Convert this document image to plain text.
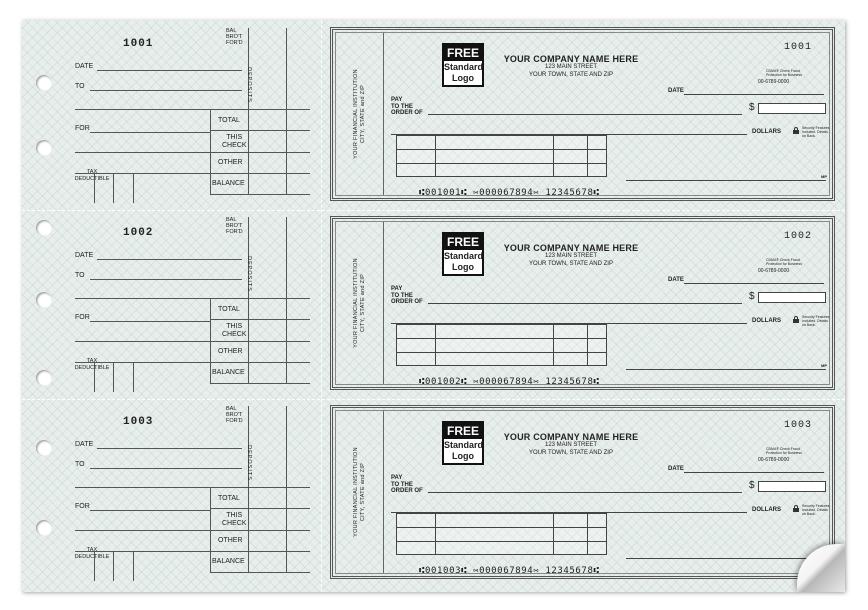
1001
BAL
BRO'T
FOR'D
DATE
TO
FOR
TOTAL
THIS
CHECK
OTHER
BALANCE
DEPOSITS
TAX
DEDUCTIBLE
YOUR FINANCIAL INSTITUTION CITY, STATE and ZIP
FREE
Standard
Logo
YOUR COMPANY NAME HERE
123 MAIN STREET
YOUR TOWN, STATE AND ZIP
1001
CDMA® Check Fraud
Protection for Business
00-6789-0000
DATE
PAY
TO THE
ORDER OF	$
DOLLARS
Security Features
Included. Details
on Back.
MP
⑆001001⑆ ⑅000067894⑅ 12345678⑆
1002
BAL
BRO'T
FOR'D
DATE
TO
FOR
TOTAL
THIS
CHECK
OTHER
BALANCE
DEPOSITS
TAX
DEDUCTIBLE
YOUR FINANCIAL INSTITUTION CITY, STATE and ZIP
FREE
Standard
Logo
YOUR COMPANY NAME HERE
123 MAIN STREET
YOUR TOWN, STATE AND ZIP
1002
CDMA® Check Fraud
Protection for Business
00-6789-0000
DATE
PAY
TO THE
ORDER OF	$
DOLLARS
Security Features
Included. Details
on Back.
MP
⑆001002⑆ ⑅000067894⑅ 12345678⑆
1003
BAL
BRO'T
FOR'D
DATE
TO
FOR
TOTAL
THIS
CHECK
OTHER
BALANCE
DEPOSITS
TAX
DEDUCTIBLE
YOUR FINANCIAL INSTITUTION CITY, STATE and ZIP
FREE
Standard
Logo
YOUR COMPANY NAME HERE
123 MAIN STREET
YOUR TOWN, STATE AND ZIP
1003
CDMA® Check Fraud
Protection for Business
00-6789-0000
DATE
PAY
TO THE
ORDER OF	$
DOLLARS
Security Features
Included. Details
on Back.
⑆001003⑆ ⑅000067894⑅ 12345678⑆
